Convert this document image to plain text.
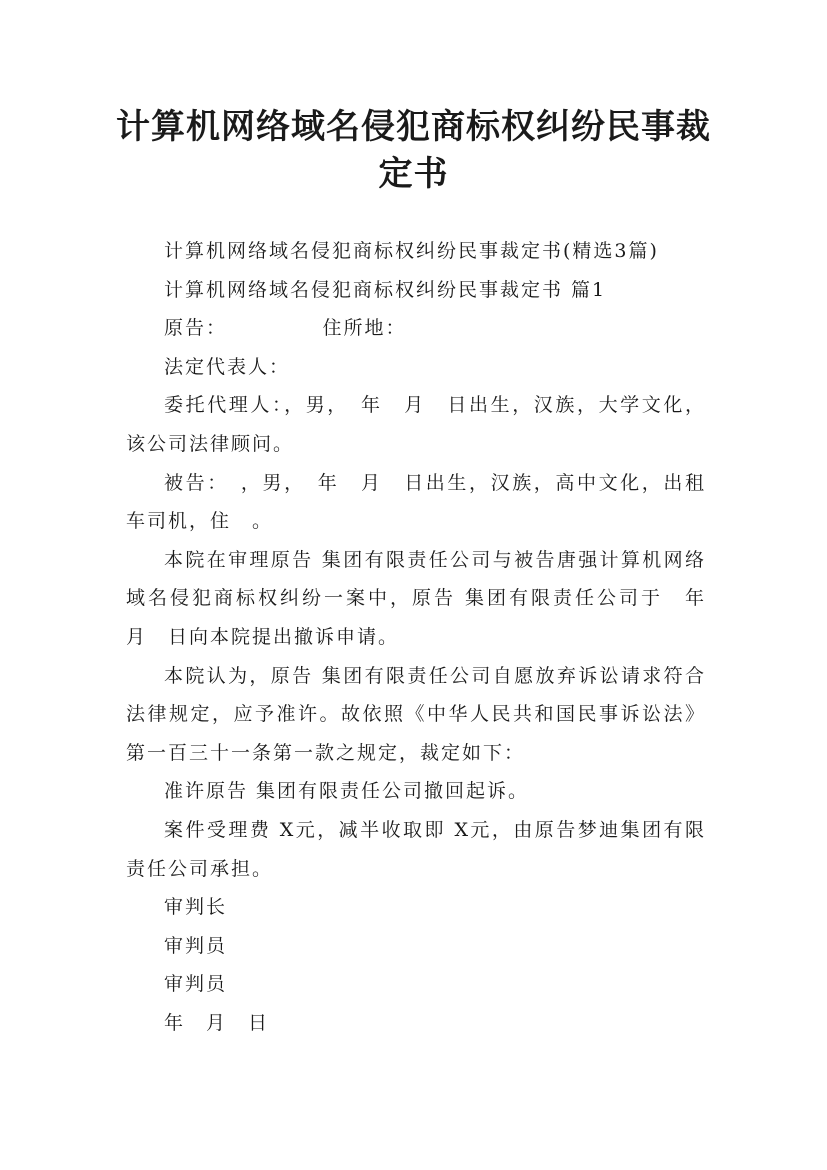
计算机网络域名侵犯商标权纠纷民事裁定书

计算机网络域名侵犯商标权纠纷民事裁定书(精选3篇)

计算机网络域名侵犯商标权纠纷民事裁定书 篇1

原告：　　　　　住所地：

法定代表人：

委托代理人：，男，　年　月　日出生，汉族，大学文化，该公司法律顾问。

被告：　，男，　年　月　日出生，汉族，高中文化，出租车司机，住　。

本院在审理原告 集团有限责任公司与被告唐强计算机网络域名侵犯商标权纠纷一案中，原告 集团有限责任公司于　年　月　日向本院提出撤诉申请。

本院认为，原告 集团有限责任公司自愿放弃诉讼请求符合法律规定，应予准许。故依照《中华人民共和国民事诉讼法》第一百三十一条第一款之规定，裁定如下：

准许原告 集团有限责任公司撤回起诉。

案件受理费 X元，减半收取即 X元，由原告梦迪集团有限责任公司承担。

审判长

审判员

审判员

年　月　日
